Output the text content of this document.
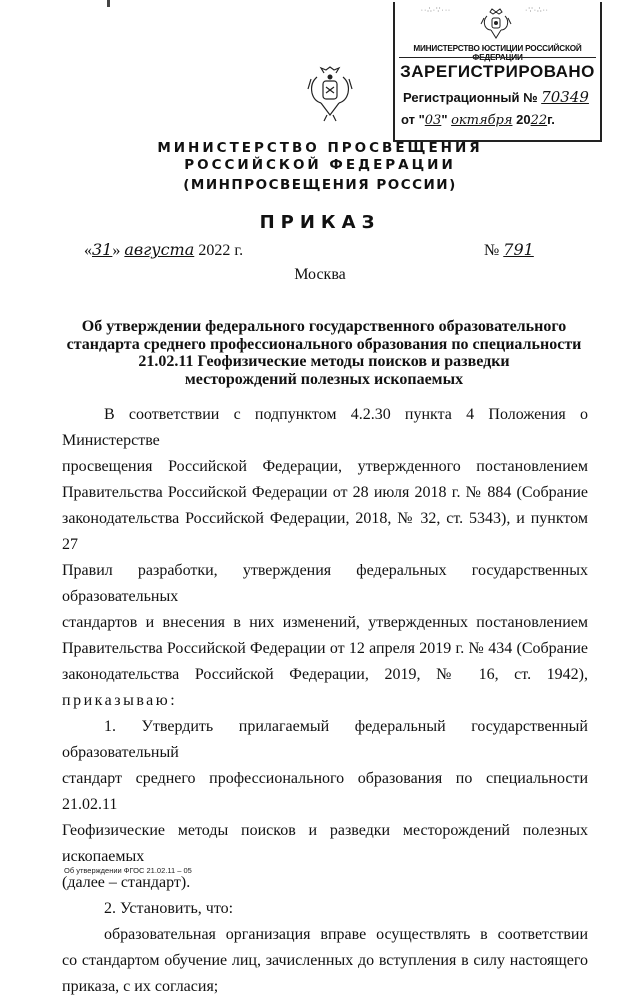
∙·∴·∵··∙	·∵·∴·∙
МИНИСТЕРСТВО ЮСТИЦИИ РОССИЙСКОЙ ФЕДЕРАЦИИ
ЗАРЕГИСТРИРОВАНО
Регистрационный № 70349
от "03" октября 2022г.
МИНИСТЕРСТВО ПРОСВЕЩЕНИЯ
РОССИЙСКОЙ ФЕДЕРАЦИИ
(МИНПРОСВЕЩЕНИЯ РОССИИ)
ПРИКАЗ
«31» августа 2022 г.	№ 791
Москва
Об утверждении федерального государственного образовательного
стандарта среднего профессионального образования по специальности
21.02.11 Геофизические методы поисков и разведки
месторождений полезных ископаемых

В соответствии с подпунктом 4.2.30 пункта 4 Положения о Министерстве

просвещения Российской Федерации, утвержденного постановлением

Правительства Российской Федерации от 28 июля 2018 г. № 884 (Собрание

законодательства Российской Федерации, 2018, № 32, ст. 5343), и пунктом 27

Правил разработки, утверждения федеральных государственных образовательных

стандартов и внесения в них изменений, утвержденных постановлением

Правительства Российской Федерации от 12 апреля 2019 г. № 434 (Собрание

законодательства Российской Федерации, 2019, № 16, ст. 1942),

приказываю:

1. Утвердить прилагаемый федеральный государственный образовательный

стандарт среднего профессионального образования по специальности 21.02.11

Геофизические методы поисков и разведки месторождений полезных ископаемых

(далее – стандарт).

2. Установить, что:

образовательная организация вправе осуществлять в соответствии

со стандартом обучение лиц, зачисленных до вступления в силу настоящего

приказа, с их согласия;

Об утверждении ФГОС 21.02.11 – 05
